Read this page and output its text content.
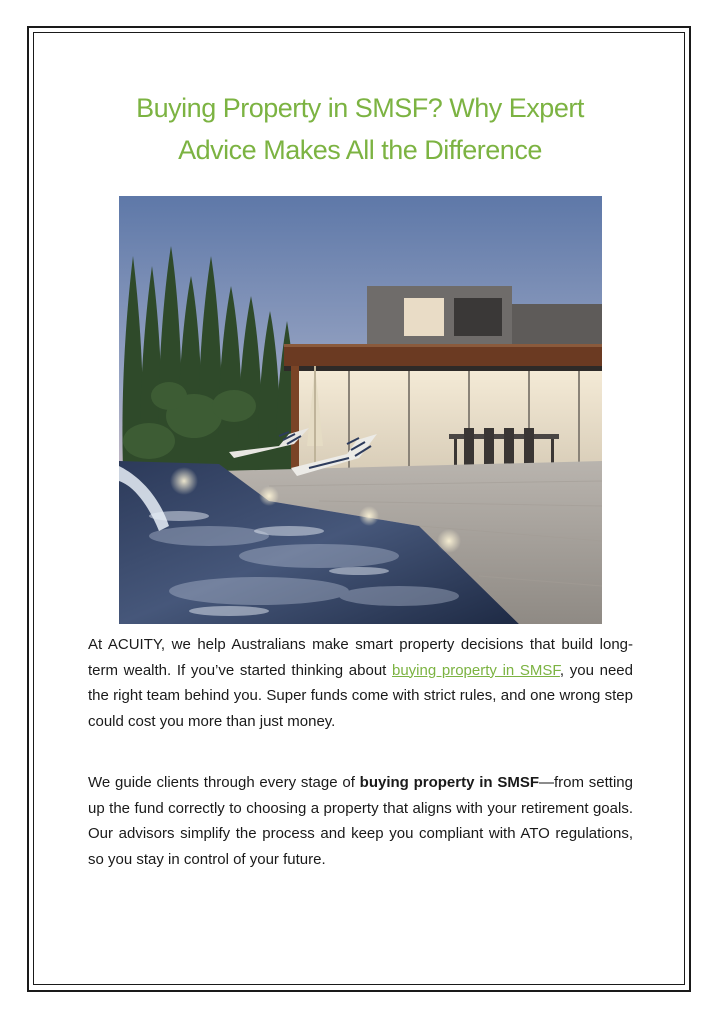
Buying Property in SMSF? Why Expert
Advice Makes All the Difference

At ACUITY, we help Australians make smart property decisions that build long-term wealth. If you’ve started thinking about buying property in SMSF, you need the right team behind you. Super funds come with strict rules, and one wrong step could cost you more than just money.

We guide clients through every stage of buying property in SMSF—from setting up the fund correctly to choosing a property that aligns with your retirement goals. Our advisors simplify the process and keep you compliant with ATO regulations, so you stay in control of your future.
